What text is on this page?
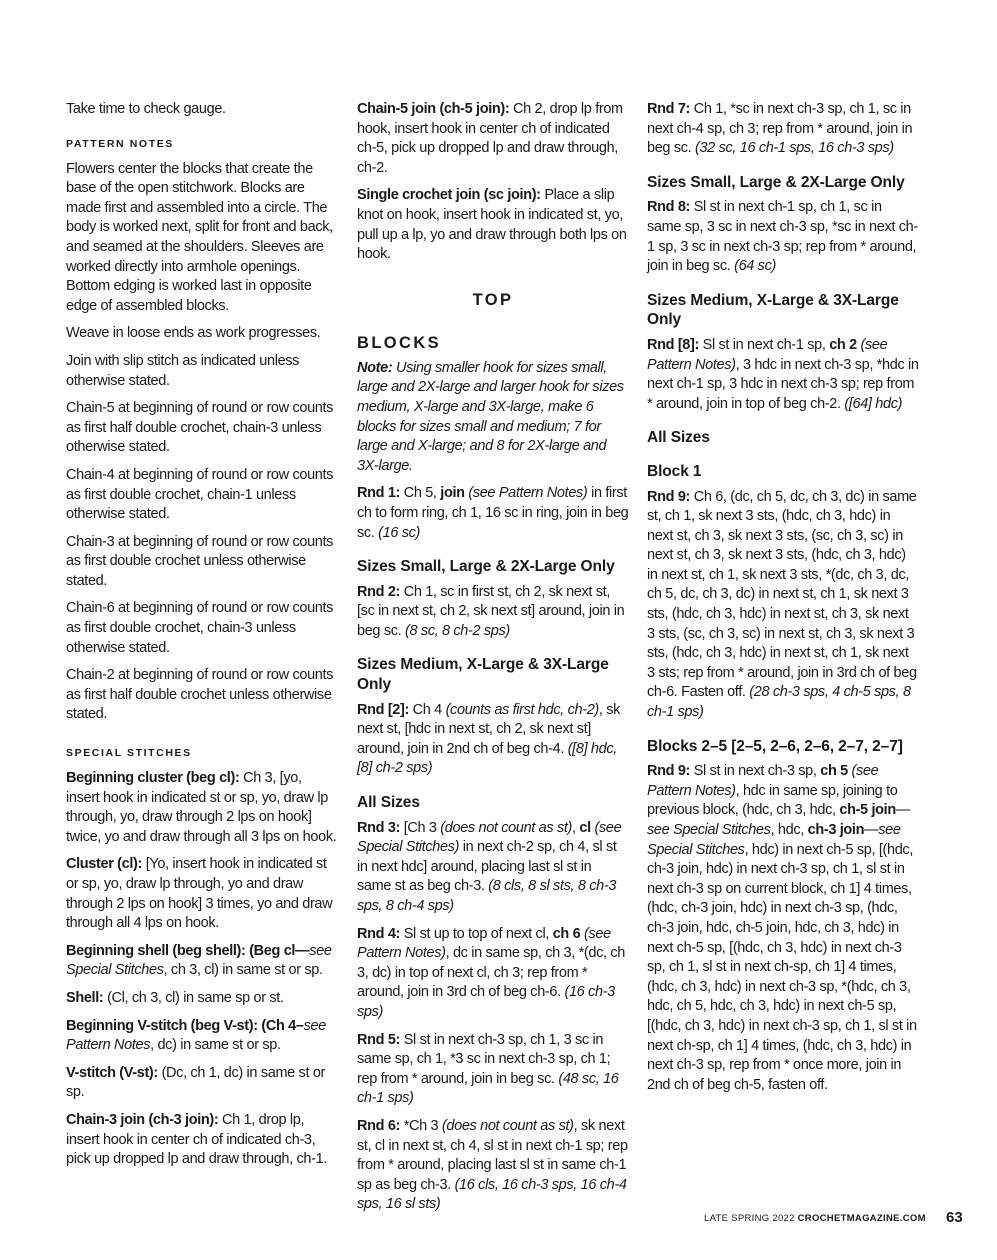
Take time to check gauge.

PATTERN NOTES

Flowers center the blocks that create the base of the open stitchwork. Blocks are made first and assembled into a circle. The body is worked next, split for front and back, and seamed at the shoulders. Sleeves are worked directly into armhole openings. Bottom edging is worked last in opposite edge of assembled blocks.

Weave in loose ends as work progresses.

Join with slip stitch as indicated unless otherwise stated.

Chain-5 at beginning of round or row counts as first half double crochet, chain-3 unless otherwise stated.

Chain-4 at beginning of round or row counts as first double crochet, chain-1 unless otherwise stated.

Chain-3 at beginning of round or row counts as first double crochet unless otherwise stated.

Chain-6 at beginning of round or row counts as first double crochet, chain-3 unless otherwise stated.

Chain-2 at beginning of round or row counts as first half double crochet unless otherwise stated.

SPECIAL STITCHES

Beginning cluster (beg cl): Ch 3, [yo, insert hook in indicated st or sp, yo, draw lp through, yo, draw through 2 lps on hook] twice, yo and draw through all 3 lps on hook.

Cluster (cl): [Yo, insert hook in indicated st or sp, yo, draw lp through, yo and draw through 2 lps on hook] 3 times, yo and draw through all 4 lps on hook.

Beginning shell (beg shell): (Beg cl—see Special Stitches, ch 3, cl) in same st or sp.

Shell: (Cl, ch 3, cl) in same sp or st.

Beginning V-stitch (beg V-st): (Ch 4–see Pattern Notes, dc) in same st or sp.

V-stitch (V-st): (Dc, ch 1, dc) in same st or sp.

Chain-3 join (ch-3 join): Ch 1, drop lp, insert hook in center ch of indicated ch-3, pick up dropped lp and draw through, ch-1.

Chain-5 join (ch-5 join): Ch 2, drop lp from hook, insert hook in center ch of indicated ch-5, pick up dropped lp and draw through, ch-2.

Single crochet join (sc join): Place a slip knot on hook, insert hook in indicated st, yo, pull up a lp, yo and draw through both lps on hook.

TOP
BLOCKS

Note: Using smaller hook for sizes small, large and 2X-large and larger hook for sizes medium, X-large and 3X-large, make 6 blocks for sizes small and medium; 7 for large and X-large; and 8 for 2X-large and 3X-large.

Rnd 1: Ch 5, join (see Pattern Notes) in first ch to form ring, ch 1, 16 sc in ring, join in beg sc. (16 sc)

Sizes Small, Large & 2X-Large Only

Rnd 2: Ch 1, sc in first st, ch 2, sk next st, [sc in next st, ch 2, sk next st] around, join in beg sc. (8 sc, 8 ch-2 sps)

Sizes Medium, X-Large & 3X-Large Only

Rnd [2]: Ch 4 (counts as first hdc, ch-2), sk next st, [hdc in next st, ch 2, sk next st] around, join in 2nd ch of beg ch-4. ([8] hdc, [8] ch-2 sps)

All Sizes

Rnd 3: [Ch 3 (does not count as st), cl (see Special Stitches) in next ch-2 sp, ch 4, sl st in next hdc] around, placing last sl st in same st as beg ch-3. (8 cls, 8 sl sts, 8 ch-3 sps, 8 ch-4 sps)

Rnd 4: Sl st up to top of next cl, ch 6 (see Pattern Notes), dc in same sp, ch 3, *(dc, ch 3, dc) in top of next cl, ch 3; rep from * around, join in 3rd ch of beg ch-6. (16 ch-3 sps)

Rnd 5: Sl st in next ch-3 sp, ch 1, 3 sc in same sp, ch 1, *3 sc in next ch-3 sp, ch 1; rep from * around, join in beg sc. (48 sc, 16 ch-1 sps)

Rnd 6: *Ch 3 (does not count as st), sk next st, cl in next st, ch 4, sl st in next ch-1 sp; rep from * around, placing last sl st in same ch-1 sp as beg ch-3. (16 cls, 16 ch-3 sps, 16 ch-4 sps, 16 sl sts)

Rnd 7: Ch 1, *sc in next ch-3 sp, ch 1, sc in next ch-4 sp, ch 3; rep from * around, join in beg sc. (32 sc, 16 ch-1 sps, 16 ch-3 sps)

Sizes Small, Large & 2X-Large Only

Rnd 8: Sl st in next ch-1 sp, ch 1, sc in same sp, 3 sc in next ch-3 sp, *sc in next ch-1 sp, 3 sc in next ch-3 sp; rep from * around, join in beg sc. (64 sc)

Sizes Medium, X-Large & 3X-Large Only

Rnd [8]: Sl st in next ch-1 sp, ch 2 (see Pattern Notes), 3 hdc in next ch-3 sp, *hdc in next ch-1 sp, 3 hdc in next ch-3 sp; rep from * around, join in top of beg ch-2. ([64] hdc)

All Sizes
Block 1

Rnd 9: Ch 6, (dc, ch 5, dc, ch 3, dc) in same st, ch 1, sk next 3 sts, (hdc, ch 3, hdc) in next st, ch 3, sk next 3 sts, (sc, ch 3, sc) in next st, ch 3, sk next 3 sts, (hdc, ch 3, hdc) in next st, ch 1, sk next 3 sts, *(dc, ch 3, dc, ch 5, dc, ch 3, dc) in next st, ch 1, sk next 3 sts, (hdc, ch 3, hdc) in next st, ch 3, sk next 3 sts, (sc, ch 3, sc) in next st, ch 3, sk next 3 sts, (hdc, ch 3, hdc) in next st, ch 1, sk next 3 sts; rep from * around, join in 3rd ch of beg ch-6. Fasten off. (28 ch-3 sps, 4 ch-5 sps, 8 ch-1 sps)

Blocks 2–5 [2–5, 2–6, 2–6, 2–7, 2–7]

Rnd 9: Sl st in next ch-3 sp, ch 5 (see Pattern Notes), hdc in same sp, joining to previous block, (hdc, ch 3, hdc, ch-5 join—see Special Stitches, hdc, ch-3 join—see Special Stitches, hdc) in next ch-5 sp, [(hdc, ch-3 join, hdc) in next ch-3 sp, ch 1, sl st in next ch-3 sp on current block, ch 1] 4 times, (hdc, ch-3 join, hdc) in next ch-3 sp, (hdc, ch-3 join, hdc, ch-5 join, hdc, ch 3, hdc) in next ch-5 sp, [(hdc, ch 3, hdc) in next ch-3 sp, ch 1, sl st in next ch-sp, ch 1] 4 times, (hdc, ch 3, hdc) in next ch-3 sp, *(hdc, ch 3, hdc, ch 5, hdc, ch 3, hdc) in next ch-5 sp, [(hdc, ch 3, hdc) in next ch-3 sp, ch 1, sl st in next ch-sp, ch 1] 4 times, (hdc, ch 3, hdc) in next ch-3 sp, rep from * once more, join in 2nd ch of beg ch-5, fasten off.

LATE SPRING 2022 CROCHETMAGAZINE.COM 63
